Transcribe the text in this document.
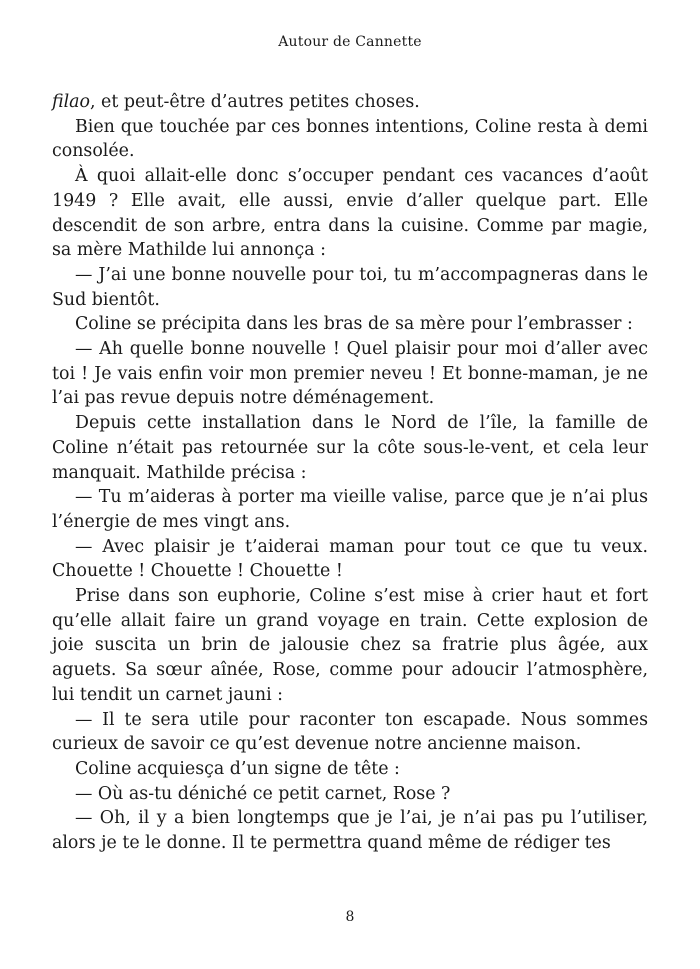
Autour de Cannette

filao, et peut-être d’autres petites choses.

Bien que touchée par ces bonnes intentions, Coline resta à demi consolée.

À quoi allait-elle donc s’occuper pendant ces vacances d’août 1949 ? Elle avait, elle aussi, envie d’aller quelque part. Elle descendit de son arbre, entra dans la cuisine. Comme par magie, sa mère Mathilde lui annonça :

— J’ai une bonne nouvelle pour toi, tu m’accompagneras dans le Sud bientôt.

Coline se précipita dans les bras de sa mère pour l’embrasser :

— Ah quelle bonne nouvelle ! Quel plaisir pour moi d’aller avec toi ! Je vais enfin voir mon premier neveu ! Et bonne-maman, je ne l’ai pas revue depuis notre déménagement.

Depuis cette installation dans le Nord de l’île, la famille de Coline n’était pas retournée sur la côte sous-le-vent, et cela leur manquait. Mathilde précisa :

— Tu m’aideras à porter ma vieille valise, parce que je n’ai plus l’énergie de mes vingt ans.

— Avec plaisir je t’aiderai maman pour tout ce que tu veux. Chouette ! Chouette ! Chouette !

Prise dans son euphorie, Coline s’est mise à crier haut et fort qu’elle allait faire un grand voyage en train. Cette explosion de joie suscita un brin de jalousie chez sa fratrie plus âgée, aux aguets. Sa sœur aînée, Rose, comme pour adoucir l’atmosphère, lui tendit un carnet jauni :

— Il te sera utile pour raconter ton escapade. Nous sommes curieux de savoir ce qu’est devenue notre ancienne maison.

Coline acquiesça d’un signe de tête :

— Où as-tu déniché ce petit carnet, Rose ?

— Oh, il y a bien longtemps que je l’ai, je n’ai pas pu l’utiliser, alors je te le donne. Il te permettra quand même de rédiger tes

8
